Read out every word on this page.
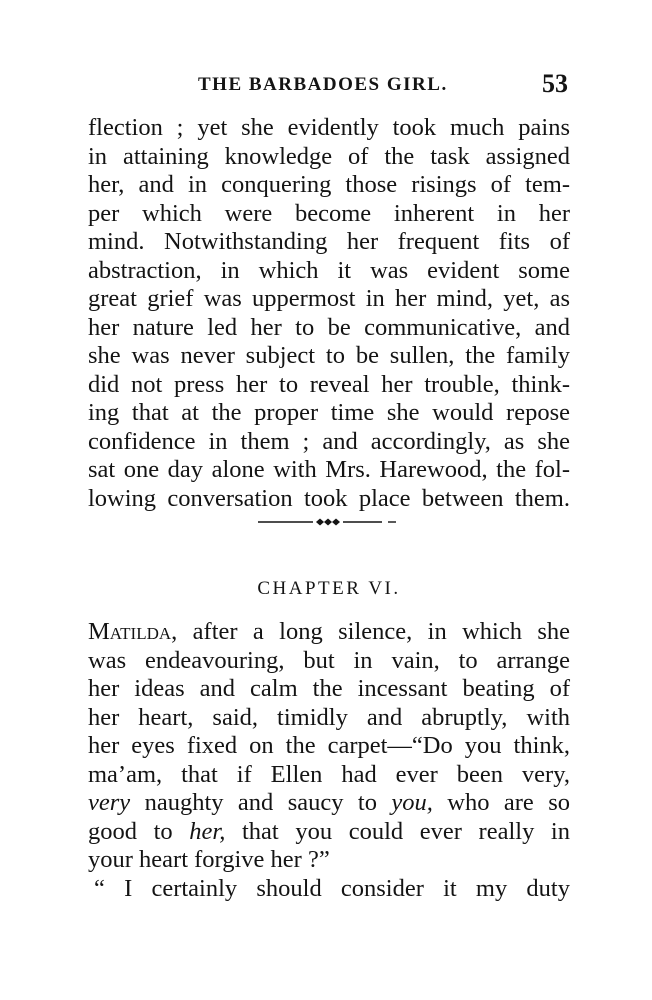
THE BARBADOES GIRL.	53
flection ; yet she evidently took much pains
in attaining knowledge of the task assigned
her, and in conquering those risings of tem-
per which were become inherent in her
mind. Notwithstanding her frequent fits of
abstraction, in which it was evident some
great grief was uppermost in her mind, yet, as
her nature led her to be communicative, and
she was never subject to be sullen, the family
did not press her to reveal her trouble, think-
ing that at the proper time she would repose
confidence in them ; and accordingly, as she
sat one day alone with Mrs. Harewood, the fol-
lowing conversation took place between them.
CHAPTER VI.
Matilda, after a long silence, in which she
was endeavouring, but in vain, to arrange
her ideas and calm the incessant beating of
her heart, said, timidly and abruptly, with
her eyes fixed on the carpet—“Do you think,
ma’am, that if Ellen had ever been very,
very naughty and saucy to you, who are so
good to her, that you could ever really in
your heart forgive her ?”
“ I certainly should consider it my duty
